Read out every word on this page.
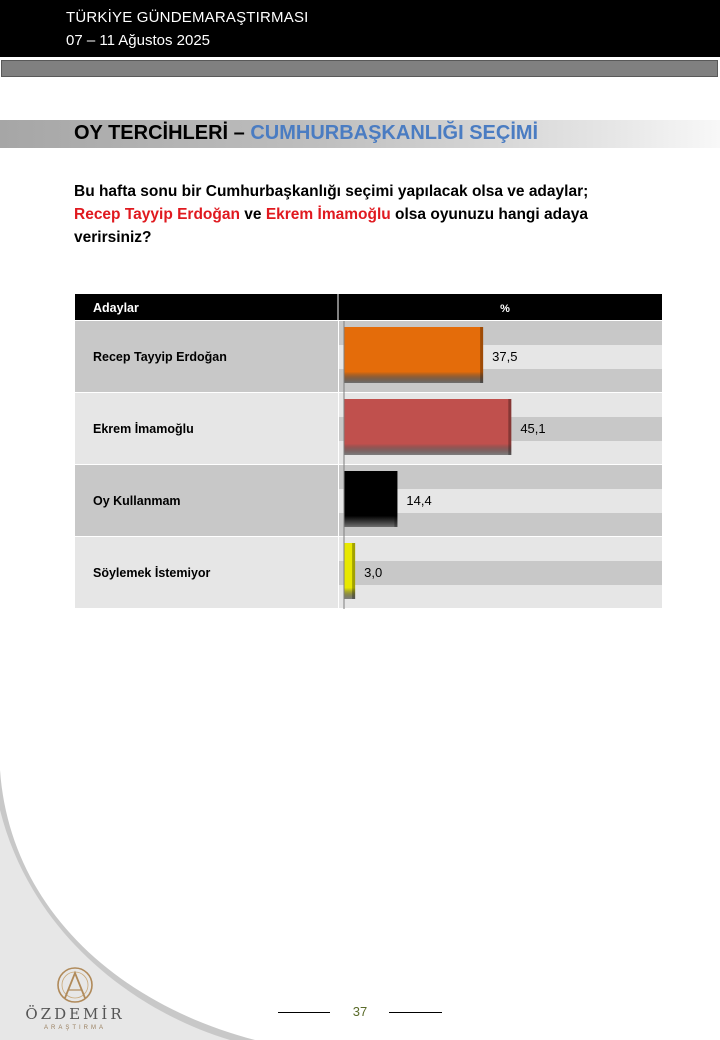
TÜRKİYE GÜNDEMARAŞTIRMASI
07 – 11 Ağustos 2025
OY TERCİHLERİ – CUMHURBAŞKANLIĞI SEÇİMİ
Bu hafta sonu bir Cumhurbaşkanlığı seçimi yapılacak olsa ve adaylar;
Recep Tayyip Erdoğan ve Ekrem İmamoğlu olsa oyunuzu hangi adaya verirsiniz?
Adaylar	%
Recep Tayyip Erdoğan	37,5
Ekrem İmamoğlu	45,1
Oy Kullanmam	14,4
Söylemek İstemiyor	3,0
ÖZDEMİR
ARAŞTIRMA
37
